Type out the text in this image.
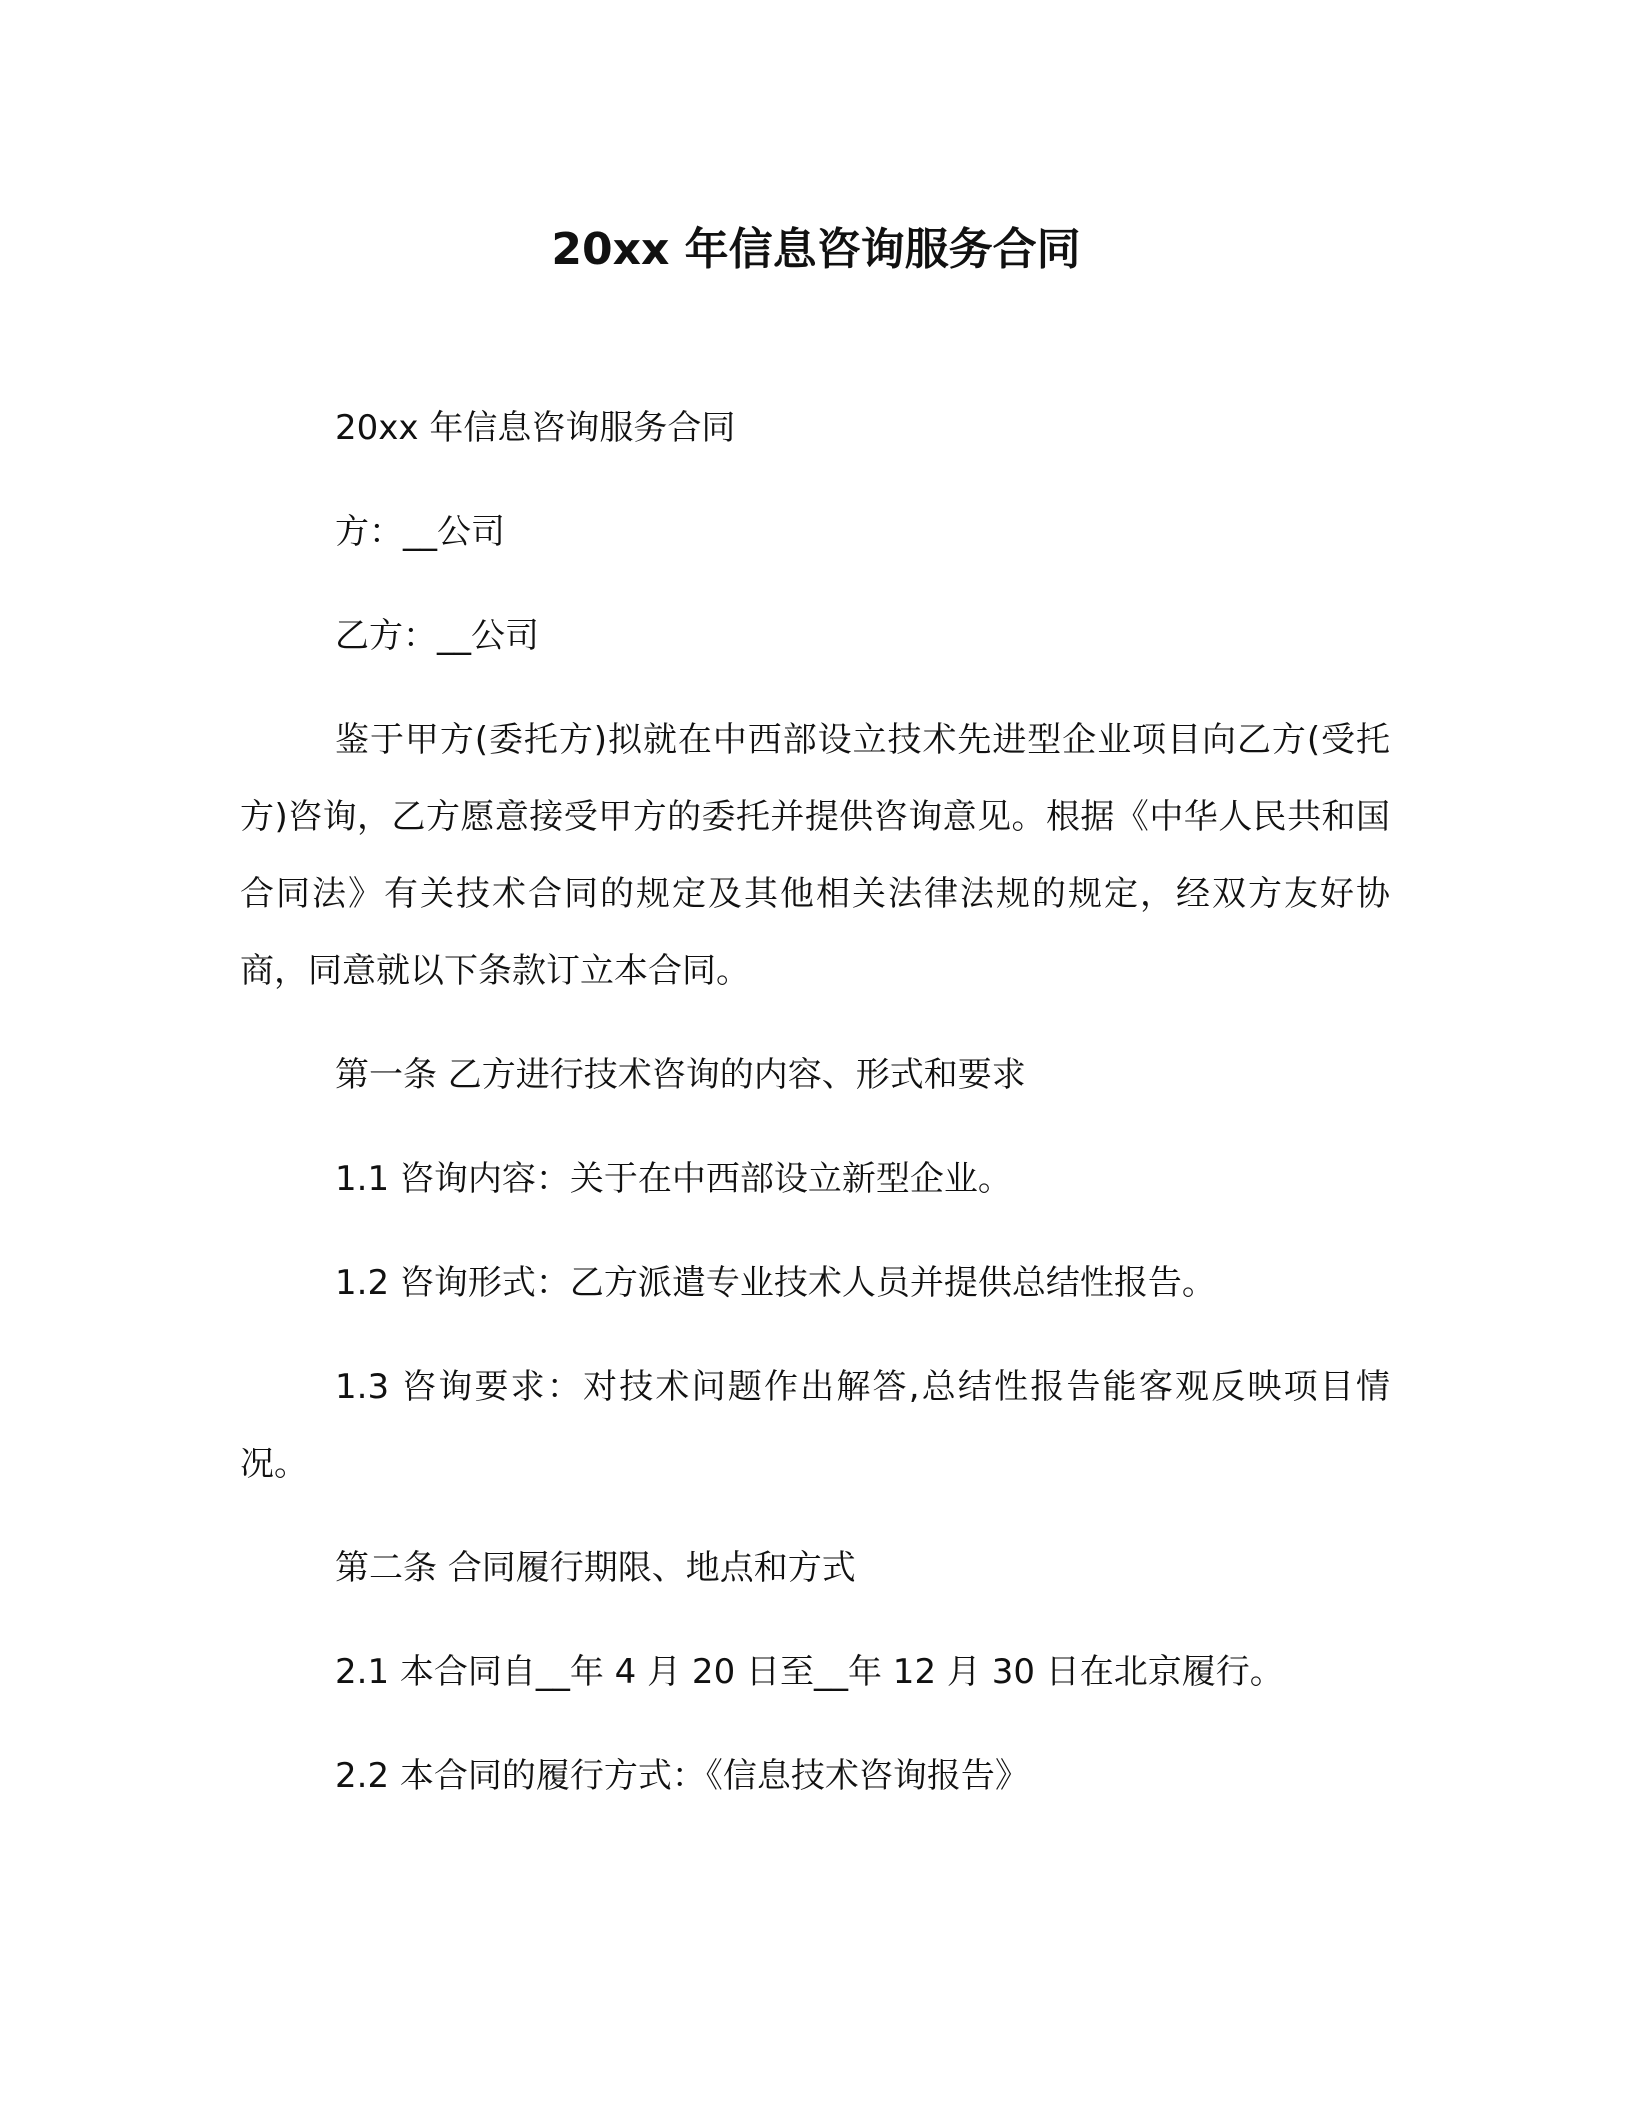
20xx 年信息咨询服务合同

20xx 年信息咨询服务合同

方：__公司

乙方：__公司

鉴于甲方(委托方)拟就在中西部设立技术先进型企业项目向乙方(受托方)咨询，乙方愿意接受甲方的委托并提供咨询意见。根据《中华人民共和国合同法》有关技术合同的规定及其他相关法律法规的规定，经双方友好协商，同意就以下条款订立本合同。

第一条 乙方进行技术咨询的内容、形式和要求

1.1 咨询内容：关于在中西部设立新型企业。

1.2 咨询形式：乙方派遣专业技术人员并提供总结性报告。

1.3 咨询要求：对技术问题作出解答,总结性报告能客观反映项目情况。

第二条 合同履行期限、地点和方式

2.1 本合同自__年 4 月 20 日至__年 12 月 30 日在北京履行。

2.2 本合同的履行方式：《信息技术咨询报告》
